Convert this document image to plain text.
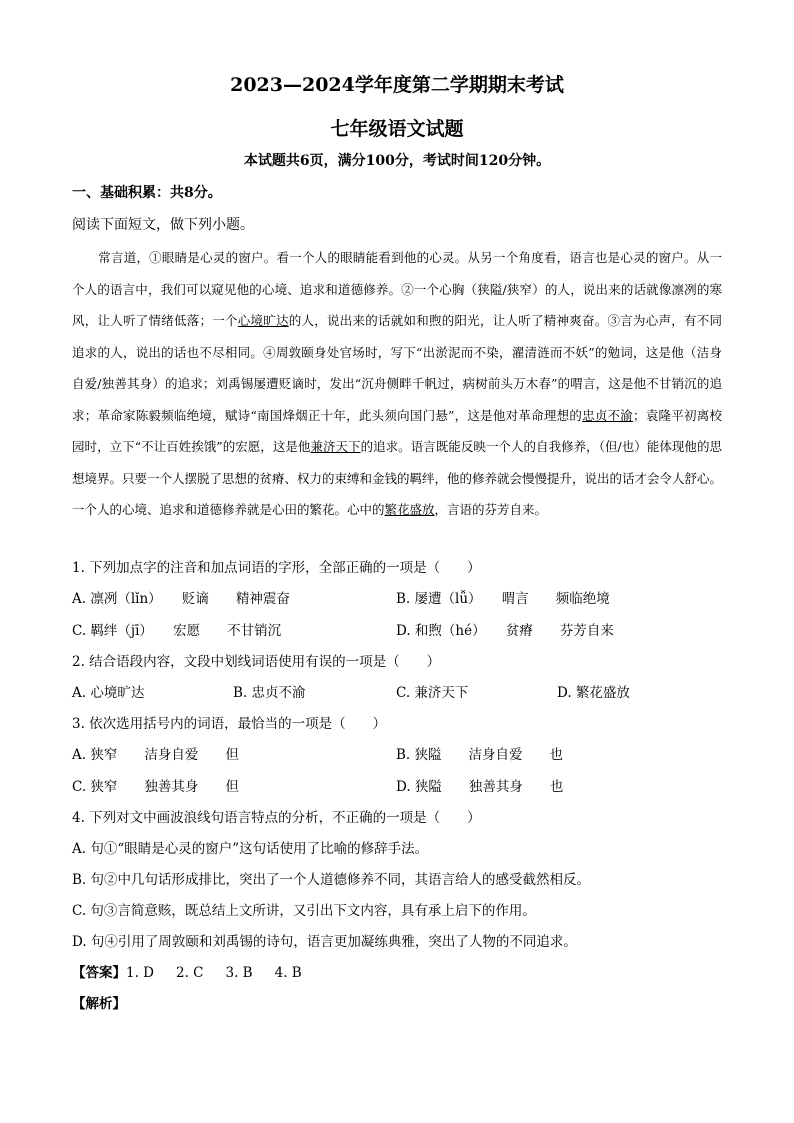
2023—2024学年度第二学期期末考试
七年级语文试题
本试题共6页，满分100分，考试时间120分钟。
一、基础积累：共8分。
阅读下面短文，做下列小题。
常言道，①眼睛是心灵的窗户。看一个人的眼睛能看到他的心灵。从另一个角度看，语言也是心灵的窗户。从一个人的语言中，我们可以窥见他的心境、追求和道德修养。②一个心胸（狭隘/狭窄）的人，说出来的话就像凛冽的寒风，让人听了情绪低落；一个心境旷达的人，说出来的话就如和煦的阳光，让人听了精神爽奋。③言为心声，有不同追求的人，说出的话也不尽相同。④周敦颐身处官场时，写下“出淤泥而不染，濯清涟而不妖”的勉词，这是他（洁身自爱/独善其身）的追求；刘禹锡屡遭贬谪时，发出“沉舟侧畔千帆过，病树前头万木春”的喟言，这是他不甘销沉的追求；革命家陈毅频临绝境，赋诗“南国烽烟正十年，此头须向国门悬”，这是他对革命理想的忠贞不渝；袁隆平初离校园时，立下“不让百姓挨饿”的宏愿，这是他兼济天下的追求。语言既能反映一个人的自我修养，（但/也）能体现他的思想境界。只要一个人摆脱了思想的贫瘠、权力的束缚和金钱的羁绊，他的修养就会慢慢提升，说出的话才会令人舒心。一个人的心境、追求和道德修养就是心田的繁花。心中的繁花盛放，言语的芬芳自来。
1. 下列加点字的注音和加点词语的字形，全部正确的一项是（　　）
A. 凛冽（lǐn）　　贬谪　　精神震奋	B. 屡遭（lǚ）　　喟言　　频临绝境
C. 羁绊（jī）　　宏愿　　不甘销沉	D. 和煦（hé）　　贫瘠　　芬芳自来
2. 结合语段内容，文段中划线词语使用有误的一项是（　　）
A. 心境旷达	B. 忠贞不渝	C. 兼济天下	D. 繁花盛放
3. 依次选用括号内的词语，最恰当的一项是（　　）
A. 狭窄　　洁身自爱　　但	B. 狭隘　　洁身自爱　　也
C. 狭窄　　独善其身　　但	D. 狭隘　　独善其身　　也
4. 下列对文中画波浪线句语言特点的分析，不正确的一项是（　　）
A. 句①“眼睛是心灵的窗户”这句话使用了比喻的修辞手法。
B. 句②中几句话形成排比，突出了一个人道德修养不同，其语言给人的感受截然相反。
C. 句③言简意赅，既总结上文所讲，又引出下文内容，具有承上启下的作用。
D. 句④引用了周敦颐和刘禹锡的诗句，语言更加凝练典雅，突出了人物的不同追求。
【答案】1. D 2. C 3. B 4. B
【解析】
